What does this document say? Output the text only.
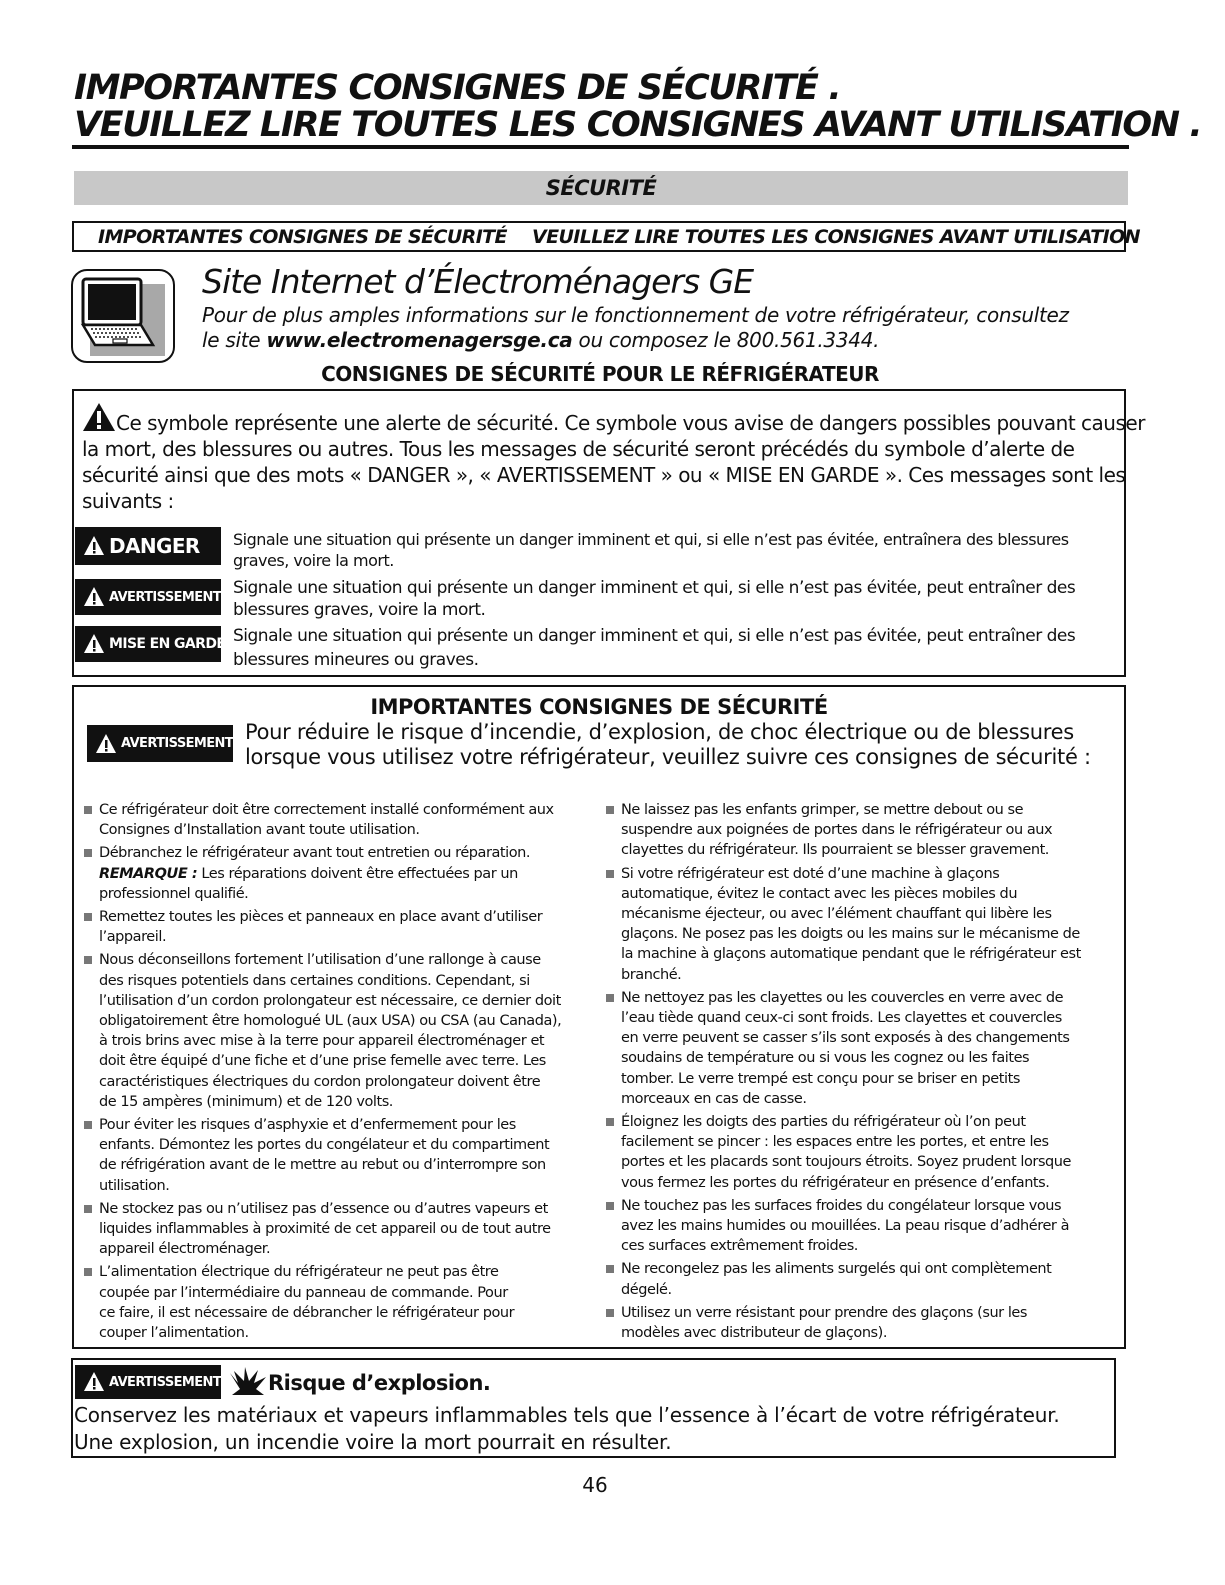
IMPORTANTES CONSIGNES DE SÉCURITÉ .
VEUILLEZ LIRE TOUTES LES CONSIGNES AVANT UTILISATION .
SÉCURITÉ
IMPORTANTES CONSIGNES DE SÉCURITÉ VEUILLEZ LIRE TOUTES LES CONSIGNES AVANT UTILISATION
Site Internet d’Électroménagers GE
Pour de plus amples informations sur le fonctionnement de votre réfrigérateur, consultez
le site www.electromenagersge.ca ou composez le 800.561.3344.
CONSIGNES DE SÉCURITÉ POUR LE RÉFRIGÉRATEUR
Ce symbole représente une alerte de sécurité. Ce symbole vous avise de dangers possibles pouvant causer
la mort, des blessures ou autres. Tous les messages de sécurité seront précédés du symbole d’alerte de
sécurité ainsi que des mots « DANGER », « AVERTISSEMENT » ou « MISE EN GARDE ». Ces messages sont les
suivants :
DANGER Signale une situation qui présente un danger imminent et qui, si elle n’est pas évitée, entraînera des blessures
graves, voire la mort.
AVERTISSEMENT Signale une situation qui présente un danger imminent et qui, si elle n’est pas évitée, peut entraîner des
blessures graves, voire la mort.
MISE EN GARDE Signale une situation qui présente un danger imminent et qui, si elle n’est pas évitée, peut entraîner des
blessures mineures ou graves.
IMPORTANTES CONSIGNES DE SÉCURITÉ
AVERTISSEMENT Pour réduire le risque d’incendie, d’explosion, de choc électrique ou de blessures
lorsque vous utilisez votre réfrigérateur, veuillez suivre ces consignes de sécurité :
Ce réfrigérateur doit être correctement installé conformément aux
Consignes d’Installation avant toute utilisation.
Débranchez le réfrigérateur avant tout entretien ou réparation.
REMARQUE : Les réparations doivent être effectuées par un
professionnel qualifié.
Remettez toutes les pièces et panneaux en place avant d’utiliser
l’appareil.
Nous déconseillons fortement l’utilisation d’une rallonge à cause
des risques potentiels dans certaines conditions. Cependant, si
l’utilisation d’un cordon prolongateur est nécessaire, ce dernier doit
obligatoirement être homologué UL (aux USA) ou CSA (au Canada),
à trois brins avec mise à la terre pour appareil électroménager et
doit être équipé d’une fiche et d’une prise femelle avec terre. Les
caractéristiques électriques du cordon prolongateur doivent être
de 15 ampères (minimum) et de 120 volts.
Pour éviter les risques d’asphyxie et d’enfermement pour les
enfants. Démontez les portes du congélateur et du compartiment
de réfrigération avant de le mettre au rebut ou d’interrompre son
utilisation.
Ne stockez pas ou n’utilisez pas d’essence ou d’autres vapeurs et
liquides inflammables à proximité de cet appareil ou de tout autre
appareil électroménager.
L’alimentation électrique du réfrigérateur ne peut pas être
coupée par l’intermédiaire du panneau de commande. Pour
ce faire, il est nécessaire de débrancher le réfrigérateur pour
couper l’alimentation.
Ne laissez pas les enfants grimper, se mettre debout ou se
suspendre aux poignées de portes dans le réfrigérateur ou aux
clayettes du réfrigérateur. Ils pourraient se blesser gravement.
Si votre réfrigérateur est doté d’une machine à glaçons
automatique, évitez le contact avec les pièces mobiles du
mécanisme éjecteur, ou avec l’élément chauffant qui libère les
glaçons. Ne posez pas les doigts ou les mains sur le mécanisme de
la machine à glaçons automatique pendant que le réfrigérateur est
branché.
Ne nettoyez pas les clayettes ou les couvercles en verre avec de
l’eau tiède quand ceux-ci sont froids. Les clayettes et couvercles
en verre peuvent se casser s’ils sont exposés à des changements
soudains de température ou si vous les cognez ou les faites
tomber. Le verre trempé est conçu pour se briser en petits
morceaux en cas de casse.
Éloignez les doigts des parties du réfrigérateur où l’on peut
facilement se pincer : les espaces entre les portes, et entre les
portes et les placards sont toujours étroits. Soyez prudent lorsque
vous fermez les portes du réfrigérateur en présence d’enfants.
Ne touchez pas les surfaces froides du congélateur lorsque vous
avez les mains humides ou mouillées. La peau risque d’adhérer à
ces surfaces extrêmement froides.
Ne recongelez pas les aliments surgelés qui ont complètement
dégelé.
Utilisez un verre résistant pour prendre des glaçons (sur les
modèles avec distributeur de glaçons).
AVERTISSEMENT Risque d’explosion.
Conservez les matériaux et vapeurs inflammables tels que l’essence à l’écart de votre réfrigérateur.
Une explosion, un incendie voire la mort pourrait en résulter.
46
